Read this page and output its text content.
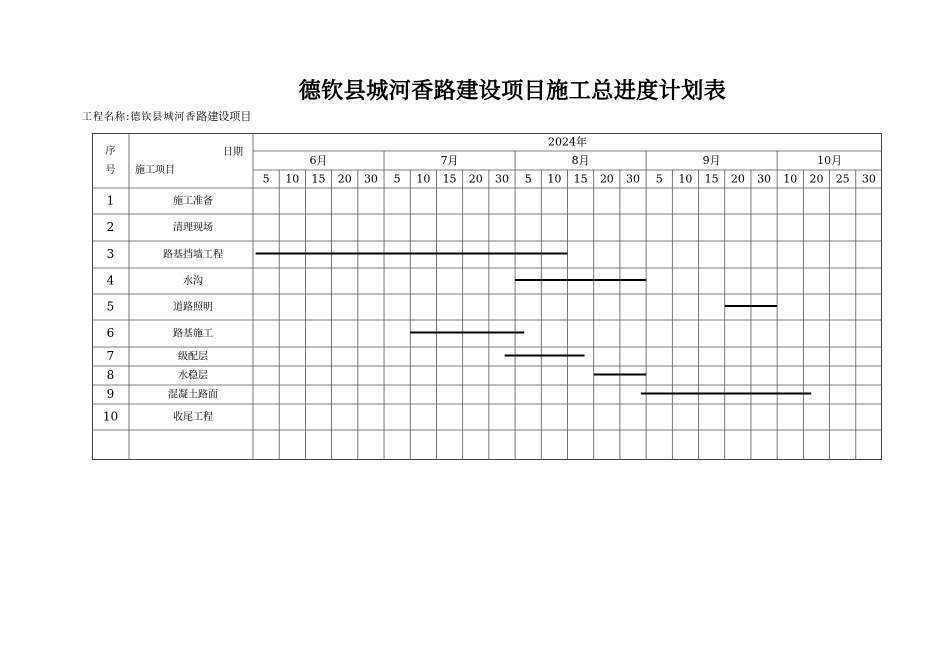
德钦县城河香路建设项目施工总进度计划表
工程名称:德钦县城河香路建设项目
序
号
日期
施工项目
2024年
6月
5 10 15 20 30
7月
5 10 15 20 30
8月
5 10 15 20 30
9月
5 10 15 20 30
10月
10 20 25 30
1	施工准备
2	清理现场
3	路基挡墙工程
4	水沟
5	道路照明
6	路基施工
7	级配层
8	水稳层
9	混凝土路面
10	收尾工程
